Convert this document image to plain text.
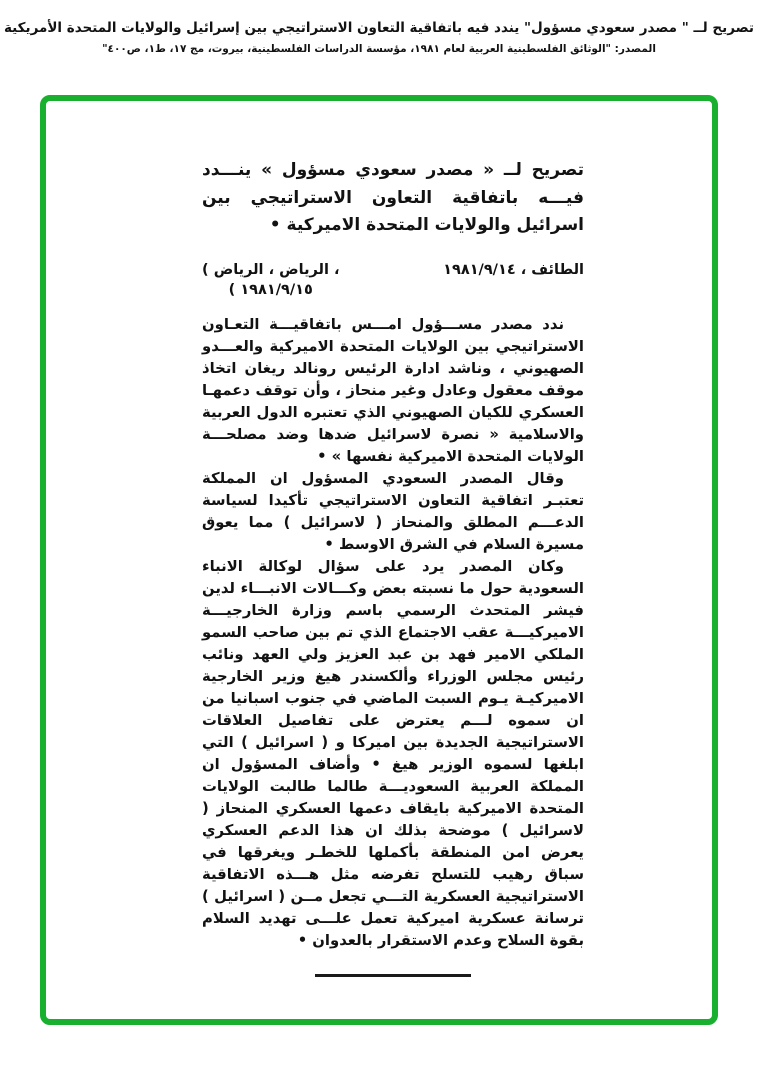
تصريح لــ " مصدر سعودي مسؤول" يندد فيه باتفاقية التعاون الاستراتيجي بين إسرائيل والولايات المتحدة الأمريكية
المصدر: "الوثائق الفلسطينية العربية لعام ١٩٨١، مؤسسة الدراسات الفلسطينية، بيروت، مج ١٧، ط١، ص٤٠٠"
تصريح لــ « مصدر سعودي مسؤول » ينـــدد فيـــه باتفاقية التعاون الاستراتيجي بين اسرائيل والولايات المتحدة الاميركية •
الطائف ، ١٩٨١/٩/١٤
( الرياض ، الرياض ،
( ١٩٨١/٩/١٥

ندد مصدر مســـؤول امـــس باتفاقيـــة التعـاون الاستراتيجي بين الولايات المتحدة الاميركية والعـــدو الصهيوني ، وناشد ادارة الرئيس رونالد ريغان اتخاذ موقف معقول وعادل وغير منحاز ، وأن توقف دعمهـا العسكري للكيان الصهيوني الذي تعتبره الدول العربية والاسلامية « نصرة لاسرائيل ضدها وضد مصلحـــة الولايات المتحدة الاميركية نفسها » •

وقال المصدر السعودي المسؤول ان المملكة تعتبـر اتفاقية التعاون الاستراتيجي تأكيدا لسياسة الدعـــم المطلق والمنحاز ( لاسرائيل ) مما يعوق مسيرة السلام في الشرق الاوسط •

وكان المصدر يرد على سؤال لوكالة الانباء السعودية حول ما نسبته بعض وكـــالات الانبـــاء لدين فيشر المتحدث الرسمي باسم وزارة الخارجيـــة الاميركيـــة عقب الاجتماع الذي تم بين صاحب السمو الملكي الامير فهد بن عبد العزيز ولي العهد ونائب رئيس مجلس الوزراء وألكسندر هيغ وزير الخارجية الاميركيـة يـوم السبت الماضي في جنوب اسبانيا من ان سموه لـــم يعترض على تفاصيل العلاقات الاستراتيجية الجديدة بين اميركا و ( اسرائيل ) التي ابلغها لسموه الوزير هيغ • وأضاف المسؤول ان المملكة العربية السعوديـــة طالما طالبت الولايات المتحدة الاميركية بايقاف دعمها العسكري المنحاز ( لاسرائيل ) موضحة بذلك ان هذا الدعم العسكري يعرض امن المنطقة بأكملها للخطـر ويغرقها في سباق رهيب للتسلح تفرضه مثل هـــذه الاتفاقية الاستراتيجية العسكرية التـــي تجعل مــن ( اسرائيل ) ترسانة عسكرية اميركية تعمل علـــى تهديد السلام بقوة السلاح وعدم الاستقرار بالعدوان •
